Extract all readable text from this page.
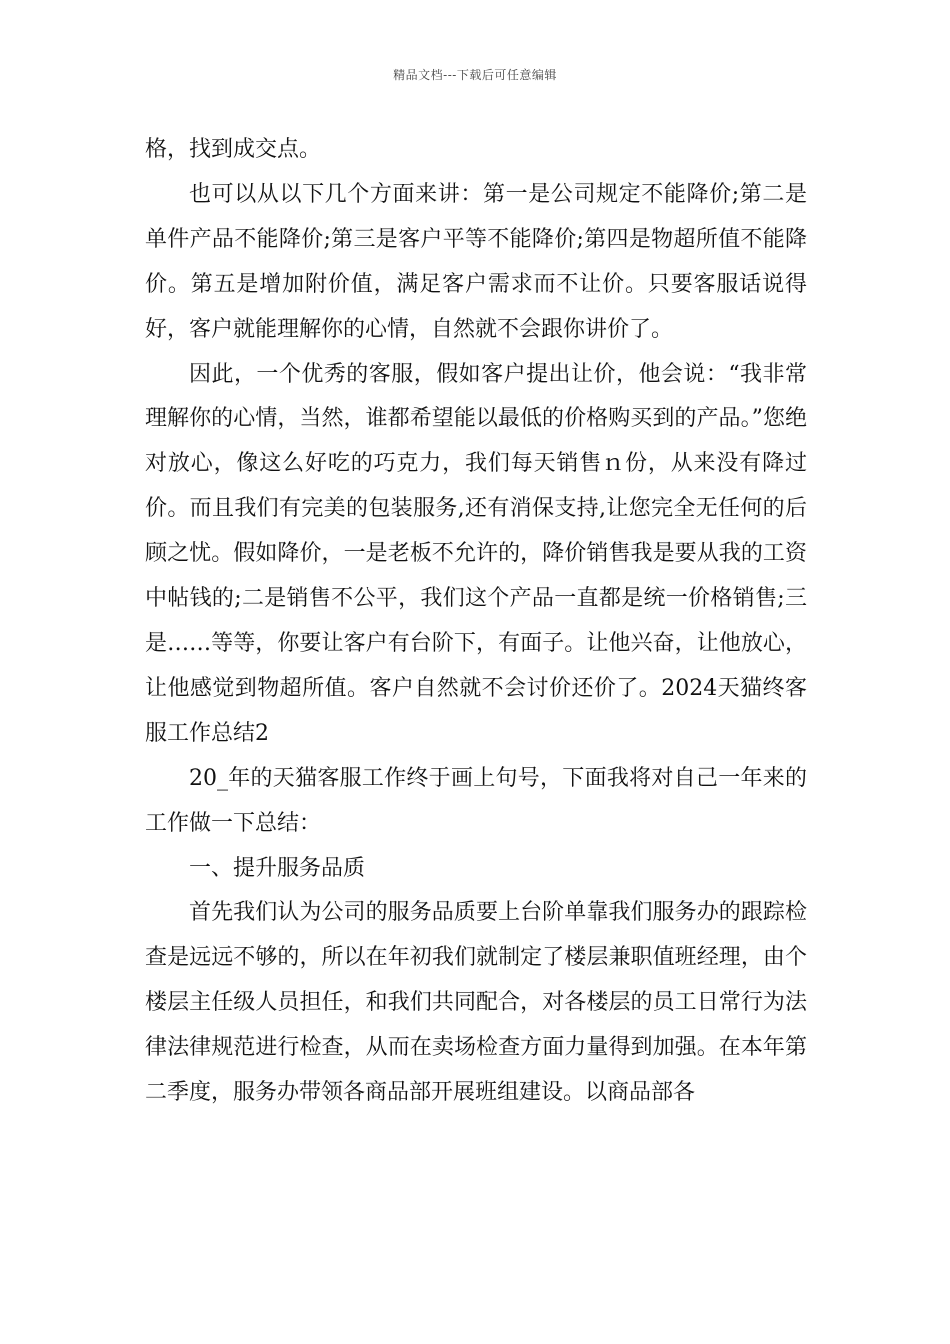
精品文档---下载后可任意编辑

格，找到成交点。

也可以从以下几个方面来讲：第一是公司规定不能降价;第二是单件产品不能降价;第三是客户平等不能降价;第四是物超所值不能降价。第五是增加附价值，满足客户需求而不让价。只要客服话说得好，客户就能理解你的心情，自然就不会跟你讲价了。

因此，一个优秀的客服，假如客户提出让价，他会说：“我非常理解你的心情，当然，谁都希望能以最低的价格购买到的产品。”您绝对放心，像这么好吃的巧克力，我们每天销售ｎ份，从来没有降过价。而且我们有完美的包装服务,还有消保支持,让您完全无任何的后顾之忧。假如降价，一是老板不允许的，降价销售我是要从我的工资中帖钱的;二是销售不公平，我们这个产品一直都是统一价格销售;三是……等等，你要让客户有台阶下，有面子。让他兴奋，让他放心，让他感觉到物超所值。客户自然就不会讨价还价了。2024天猫终客服工作总结2

20_年的天猫客服工作终于画上句号，下面我将对自己一年来的工作做一下总结：

一、提升服务品质

首先我们认为公司的服务品质要上台阶单靠我们服务办的跟踪检查是远远不够的，所以在年初我们就制定了楼层兼职值班经理，由个楼层主任级人员担任，和我们共同配合，对各楼层的员工日常行为法律法律规范进行检查，从而在卖场检查方面力量得到加强。在本年第二季度，服务办带领各商品部开展班组建设。以商品部各
